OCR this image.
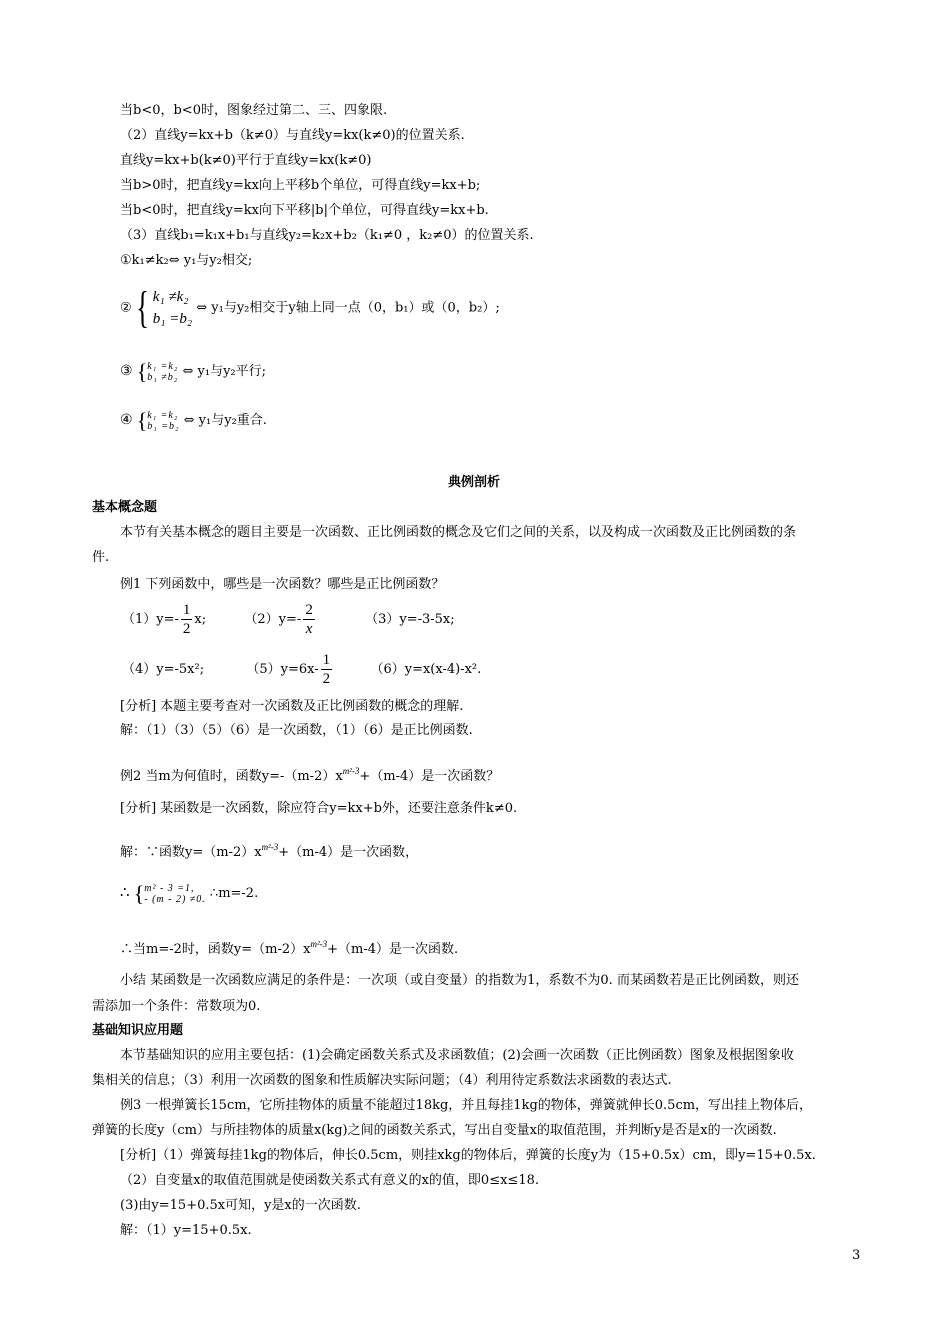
当b<0，b<0时，图象经过第二、三、四象限.
（2）直线y=kx+b（k≠0）与直线y=kx(k≠0)的位置关系.
直线y=kx+b(k≠0)平行于直线y=kx(k≠0)
当b>0时，把直线y=kx向上平移b个单位，可得直线y=kx+b;
当b<0时，把直线y=kx向下平移|b|个单位，可得直线y=kx+b.
（3）直线b₁=k₁x+b₁与直线y₂=k₂x+b₂（k₁≠0 ，k₂≠0）的位置关系.
①k₁≠k₂⇔ y₁与y₂相交;
②{ k₁ ≠k₂
b₁ =b₂
⇔ y₁与y₂相交于y轴上同一点（0，b₁）或（0，b₂）;
③ { k₁ =k₂
b₁ ≠b₂ ⇔ y₁与y₂平行;
④ { k₁ =k₂
b₁ =b₂ ⇔ y₁与y₂重合.
典例剖析
基本概念题
本节有关基本概念的题目主要是一次函数、正比例函数的概念及它们之间的关系，以及构成一次函数及正比例函数的条
件.
例1 下列函数中，哪些是一次函数？哪些是正比例函数？
$(1)y=- \frac{1}{2} x$;	$(2)y=- \frac{2}{x}$	（3）y=-3-5x;
（4）y=-5x²;	$(5)y=6x- \frac{1}{2}$	（6）y=x(x-4)-x².
[分析] 本题主要考查对一次函数及正比例函数的概念的理解.
解：（1）（3）（5）（6）是一次函数，（1）（6）是正比例函数.
例2 当m为何值时，函数$y=-(m-2)x^{m^2-3}+(m-4)$是一次函数？
[分析] 某函数是一次函数，除应符合y=kx+b外，还要注意条件k≠0.
解：∵函数$y=(m-2)x^{m^2-3}+(m-4)$是一次函数，
∴ { m² - 3 =1,
- (m - 2) ≠0. ∴m=-2.
∴当m=-2时，函数$y=(m-2)x^{m^2-3}+(m-4)$是一次函数.
小结 某函数是一次函数应满足的条件是：一次项（或自变量）的指数为1，系数不为0. 而某函数若是正比例函数，则还
需添加一个条件：常数项为0.
基础知识应用题
本节基础知识的应用主要包括：(1)会确定函数关系式及求函数值；(2)会画一次函数（正比例函数）图象及根据图象收
集相关的信息；（3）利用一次函数的图象和性质解决实际问题；（4）利用待定系数法求函数的表达式.
例3 一根弹簧长15cm，它所挂物体的质量不能超过18kg，并且每挂1kg的物体，弹簧就伸长0.5cm，写出挂上物体后，
弹簧的长度y（cm）与所挂物体的质量x(kg)之间的函数关系式，写出自变量x的取值范围，并判断y是否是x的一次函数.
[分析]（1）弹簧每挂1kg的物体后，伸长0.5cm，则挂xkg的物体后，弹簧的长度y为（15+0.5x）cm，即y=15+0.5x.
（2）自变量x的取值范围就是使函数关系式有意义的x的值，即0≤x≤18.
(3)由y=15+0.5x可知，y是x的一次函数.
解：（1）y=15+0.5x.
3
